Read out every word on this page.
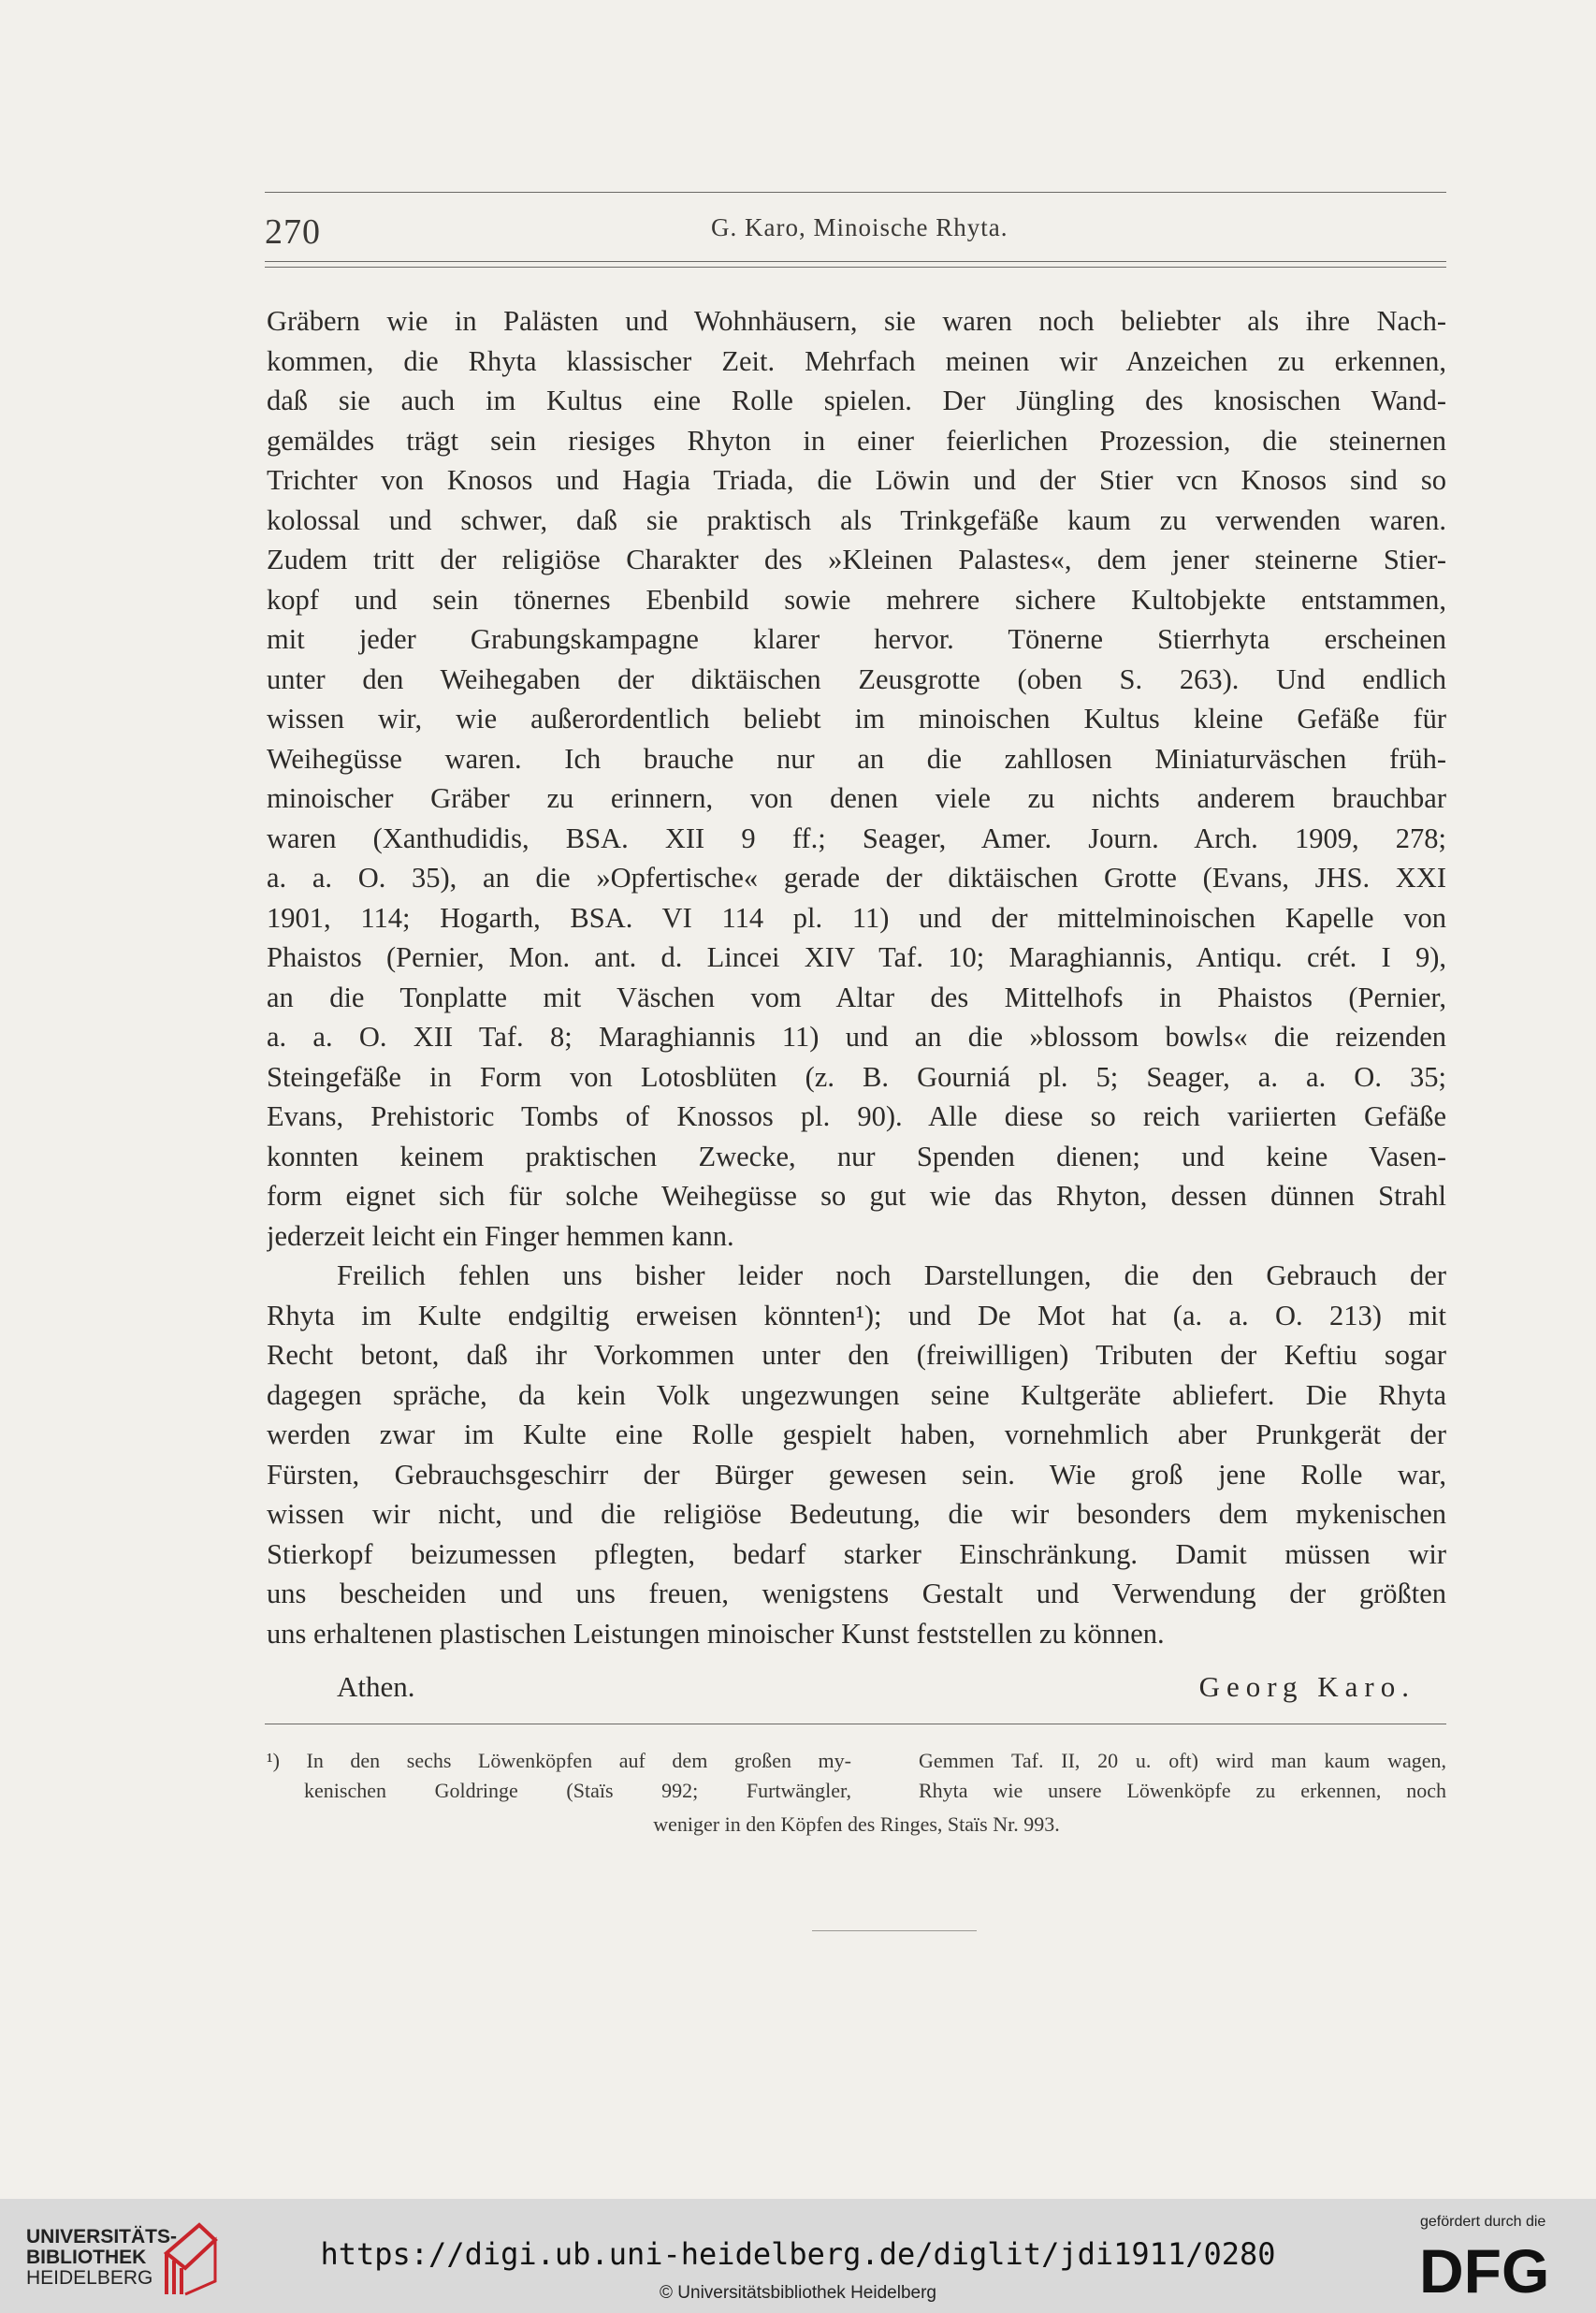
270	G. Karo, Minoische Rhyta.
Gräbern wie in Palästen und Wohnhäusern, sie waren noch beliebter als ihre Nach-
kommen, die Rhyta klassischer Zeit. Mehrfach meinen wir Anzeichen zu erkennen,
daß sie auch im Kultus eine Rolle spielen. Der Jüngling des knosischen Wand-
gemäldes trägt sein riesiges Rhyton in einer feierlichen Prozession, die steinernen
Trichter von Knosos und Hagia Triada, die Löwin und der Stier vcn Knosos sind so
kolossal und schwer, daß sie praktisch als Trinkgefäße kaum zu verwenden waren.
Zudem tritt der religiöse Charakter des »Kleinen Palastes«, dem jener steinerne Stier-
kopf und sein tönernes Ebenbild sowie mehrere sichere Kultobjekte entstammen,
mit jeder Grabungskampagne klarer hervor. Tönerne Stierrhyta erscheinen
unter den Weihegaben der diktäischen Zeusgrotte (oben S. 263). Und endlich
wissen wir, wie außerordentlich beliebt im minoischen Kultus kleine Gefäße für
Weihegüsse waren. Ich brauche nur an die zahllosen Miniaturväschen früh-
minoischer Gräber zu erinnern, von denen viele zu nichts anderem brauchbar
waren (Xanthudidis, BSA. XII 9 ff.; Seager, Amer. Journ. Arch. 1909, 278;
a. a. O. 35), an die »Opfertische« gerade der diktäischen Grotte (Evans, JHS. XXI
1901, 114; Hogarth, BSA. VI 114 pl. 11) und der mittelminoischen Kapelle von
Phaistos (Pernier, Mon. ant. d. Lincei XIV Taf. 10; Maraghiannis, Antiqu. crét. I 9),
an die Tonplatte mit Väschen vom Altar des Mittelhofs in Phaistos (Pernier,
a. a. O. XII Taf. 8; Maraghiannis 11) und an die »blossom bowls« die reizenden
Steingefäße in Form von Lotosblüten (z. B. Gourniá pl. 5; Seager, a. a. O. 35;
Evans, Prehistoric Tombs of Knossos pl. 90). Alle diese so reich variierten Gefäße
konnten keinem praktischen Zwecke, nur Spenden dienen; und keine Vasen-
form eignet sich für solche Weihegüsse so gut wie das Rhyton, dessen dünnen Strahl
jederzeit leicht ein Finger hemmen kann.
Freilich fehlen uns bisher leider noch Darstellungen, die den Gebrauch der
Rhyta im Kulte endgiltig erweisen könnten¹); und De Mot hat (a. a. O. 213) mit
Recht betont, daß ihr Vorkommen unter den (freiwilligen) Tributen der Keftiu sogar
dagegen spräche, da kein Volk ungezwungen seine Kultgeräte abliefert. Die Rhyta
werden zwar im Kulte eine Rolle gespielt haben, vornehmlich aber Prunkgerät der
Fürsten, Gebrauchsgeschirr der Bürger gewesen sein. Wie groß jene Rolle war,
wissen wir nicht, und die religiöse Bedeutung, die wir besonders dem mykenischen
Stierkopf beizumessen pflegten, bedarf starker Einschränkung. Damit müssen wir
uns bescheiden und uns freuen, wenigstens Gestalt und Verwendung der größten
uns erhaltenen plastischen Leistungen minoischer Kunst feststellen zu können.
Athen.	Georg Karo.
¹) In den sechs Löwenköpfen auf dem großen my-
kenischen Goldringe (Staïs 992; Furtwängler,
Gemmen Taf. II, 20 u. oft) wird man kaum wagen,
Rhyta wie unsere Löwenköpfe zu erkennen, noch
weniger in den Köpfen des Ringes, Staïs Nr. 993.
UNIVERSITÄTS-
BIBLIOTHEK
HEIDELBERG
https://digi.ub.uni-heidelberg.de/diglit/jdi1911/0280
© Universitätsbibliothek Heidelberg
gefördert durch die
DFG
